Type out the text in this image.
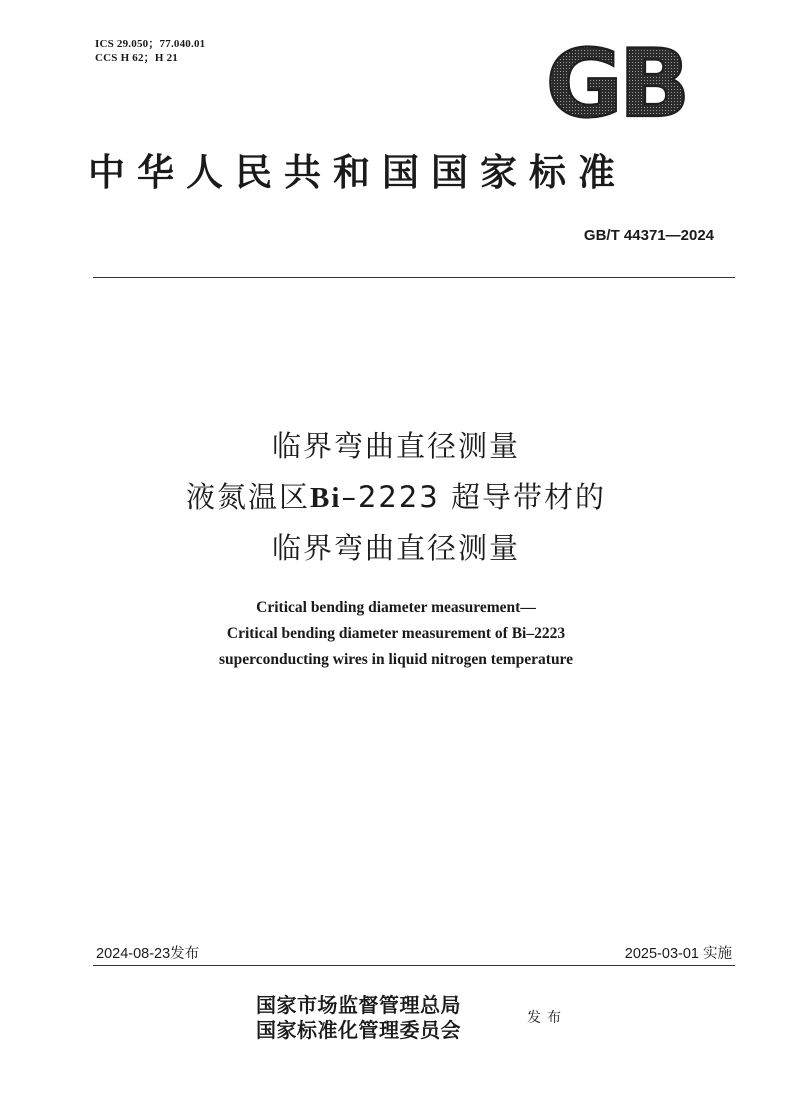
ICS 29.050；77.040.01
CCS H 62；H 21	GB
中华人民共和国国家标准
GB/T 44371—2024
临界弯曲直径测量
液氮温区Bi–2223 超导带材的
临界弯曲直径测量
Critical bending diameter measurement—
Critical bending diameter measurement of Bi–2223
superconducting wires in liquid nitrogen temperature
2024-08-23发布	2025-03-01 实施
国家市场监督管理总局
国家标准化管理委员会	发布
